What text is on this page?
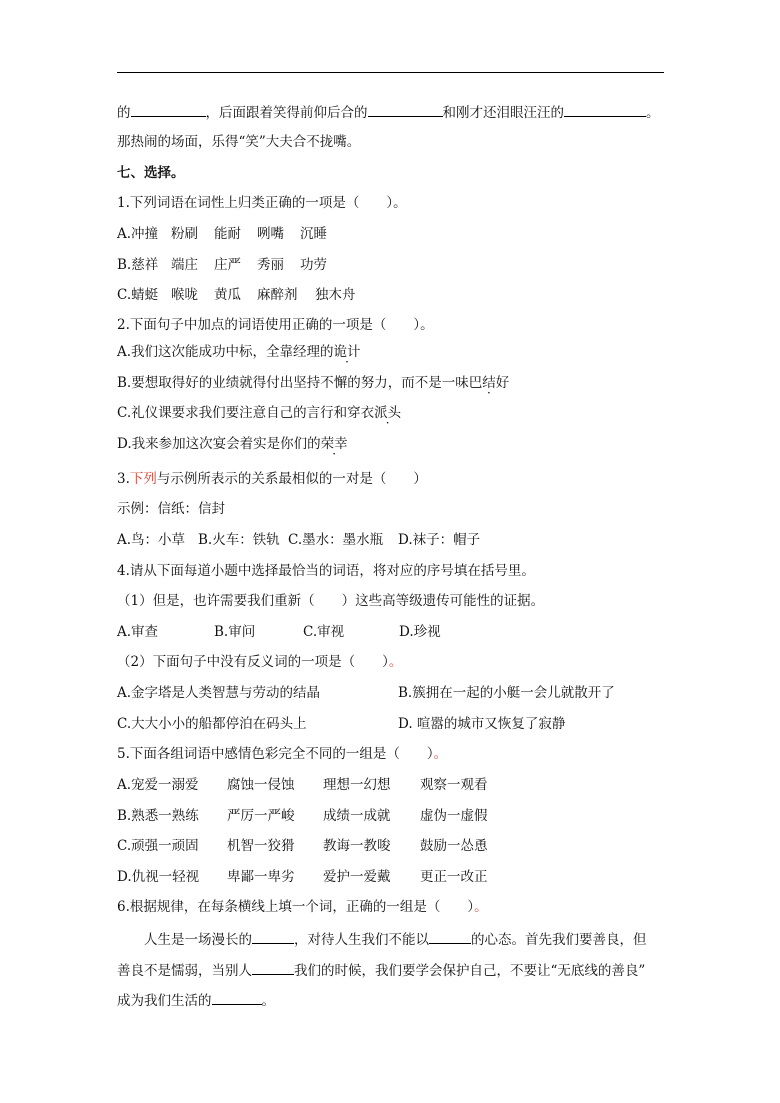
的	，后面跟着笑得前仰后合的	和刚才还泪眼汪汪的	。
那热闹的场面，乐得“笑”大夫合不拢嘴。
七、选择。
1.下列词语在词性上归类正确的一项是（　　）。
A.冲撞 粉刷 能耐 咧嘴 沉睡
B.慈祥 端庄 庄严 秀丽 功劳
C.蜻蜓 喉咙 黄瓜 麻醉剂 独木舟
2.下面句子中加点的词语使用正确的一项是（　　）。
A.我们这次能成功中标，全靠经理的诡计
B.要想取得好的业绩就得付出坚持不懈的努力，而不是一味巴结好
C.礼仪课要求我们要注意自己的言行和穿衣派头
D.我来参加这次宴会着实是你们的荣幸
3.下列与示例所表示的关系最相似的一对是（　　）
示例：信纸：信封
A.鸟：小草 B.火车：铁轨 C.墨水：墨水瓶 D.袜子：帽子
4.请从下面每道小题中选择最恰当的词语，将对应的序号填在括号里。
（1）但是，也许需要我们重新（　　）这些高等级遗传可能性的证据。
A.审查	B.审问	C.审视	D.珍视
（2）下面句子中没有反义词的一项是（　　）。
A.金字塔是人类智慧与劳动的结晶	B.簇拥在一起的小艇一会儿就散开了
C.大大小小的船都停泊在码头上	D. 喧嚣的城市又恢复了寂静
5.下面各组词语中感情色彩完全不同的一组是（　　）。
A.宠爱一溺爱 腐蚀一侵蚀 理想一幻想 观察一观看
B.熟悉一熟练 严厉一严峻 成绩一成就 虚伪一虚假
C.顽强一顽固 机智一狡猾 教诲一教唆 鼓励一怂恿
D.仇视一轻视 卑鄙一卑劣 爱护一爱戴 更正一改正
6.根据规律，在每条横线上填一个词，正确的一组是（　　）。
人生是一场漫长的	，对待人生我们不能以	的心态。首先我们要善良，但
善良不是懦弱，当别人	我们的时候，我们要学会保护自己，不要让“无底线的善良”
成为我们生活的	。
